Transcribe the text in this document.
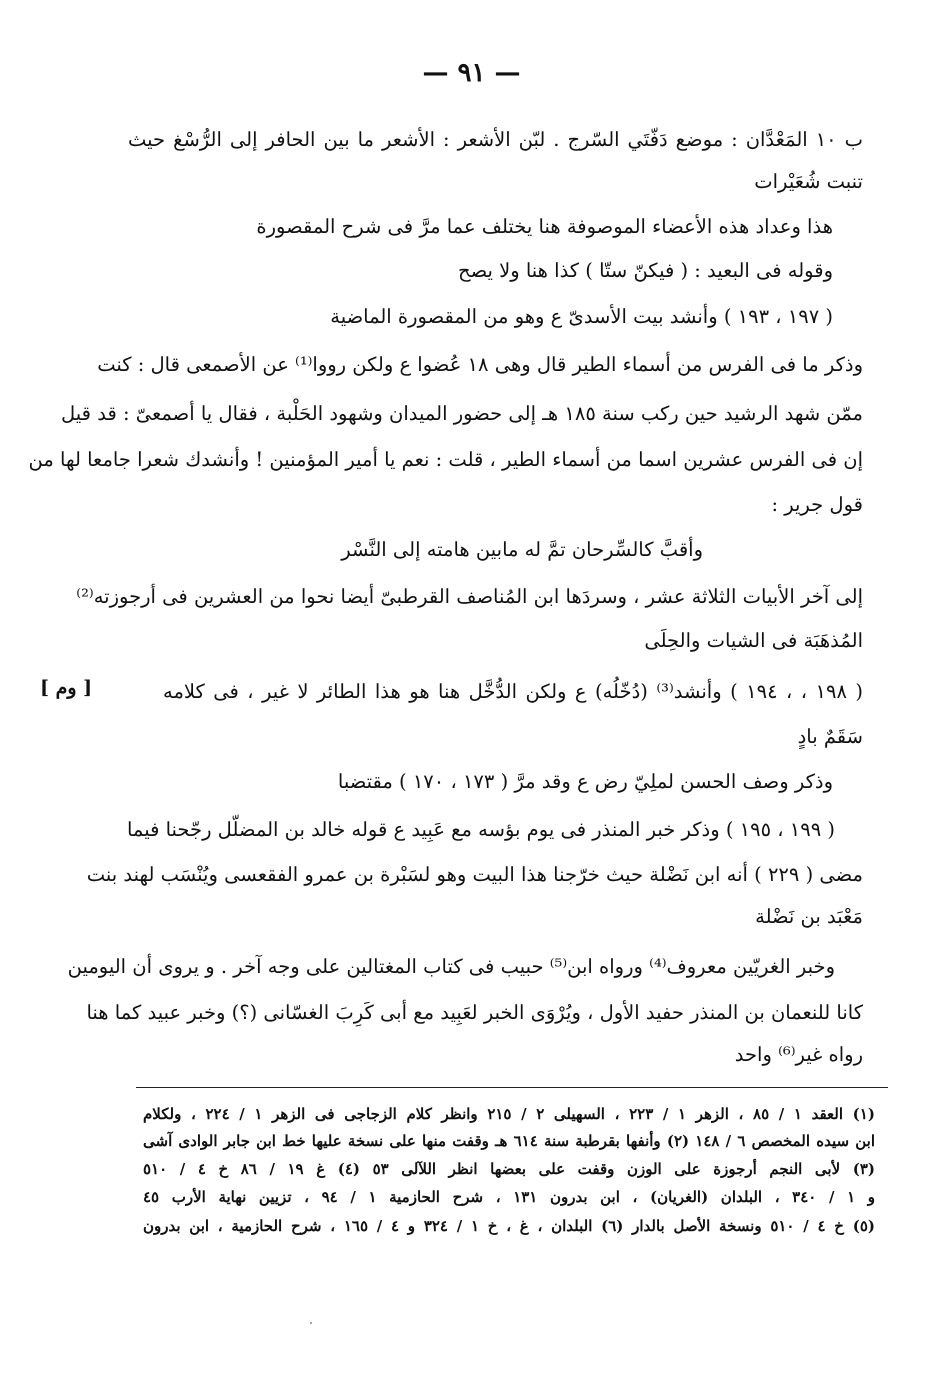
— ٩١ —
[ وم ]
ب ١٠ المَعْدَّان : موضع دَفّتَي السّرج . لبّن الأشعر : الأشعر ما بين الحافر إلى الرُّسْغ حيث
تنبت شُعَيْرات
هذا وعداد هذه الأعضاء الموصوفة هنا يختلف عما مرَّ فى شرح المقصورة
وقوله فى البعيد : ( فيكنّ ستّا ) كذا هنا ولا يصح
( ١٩٧ ، ١٩٣ ) وأنشد بيت الأسدىّ ع وهو من المقصورة الماضية
وذكر ما فى الفرس من أسماء الطير قال وهى ١٨ عُضوا ع ولكن رووا⁽¹⁾ عن الأصمعى قال : كنت
ممّن شهد الرشيد حين ركب سنة ١٨٥ هـ إلى حضور الميدان وشهود الحَلْبة ، فقال يا أصمعىّ : قد قيل
إن فى الفرس عشرين اسما من أسماء الطير ، قلت : نعم يا أمير المؤمنين ! وأنشدك شعرا جامعا لها من
قول جرير :
وأقبَّ كالسِّرحان تمَّ له مابين هامته إلى النَّسْر
إلى آخر الأبيات الثلاثة عشر ، وسردَها ابن المُناصف القرطبىّ أيضا نحوا من العشرين فى أرجوزته⁽²⁾
المُذهَبَة فى الشيات والحِلَى
( ١٩٨ ، ، ١٩٤ ) وأنشد⁽³⁾ (دُخّلُه) ع ولكن الدُّخَّل هنا هو هذا الطائر لا غير ، فى كلامه
سَقَمٌ بادٍ
وذكر وصف الحسن لملِيّ رض ع وقد مرَّ ( ١٧٣ ، ١٧٠ ) مقتضبا
( ١٩٩ ، ١٩٥ ) وذكر خبر المنذر فى يوم بؤسه مع عَبِيد ع قوله خالد بن المضلّل رجّحنا فيما
مضى ( ٢٢٩ ) أنه ابن نَضْلة حيث خرّجنا هذا البيت وهو لسَبْرة بن عمرو الفقعسى ويُنْسَب لهند بنت
مَعْبَد بن نَضْلة
وخبر الغريّين معروف⁽⁴⁾ ورواه ابن⁽⁵⁾ حبيب فى كتاب المغتالين على وجه آخر . و يروى أن اليومين
كانا للنعمان بن المنذر حفيد الأول ، ويُرْوَى الخبر لعَبِيد مع أبى كَرِبَ الغسّانى (؟) وخبر عبيد كما هنا
رواه غير⁽⁶⁾ واحد
(١) العقد ١ / ٨٥ ، الزهر ١ / ٢٢٣ ، السهيلى ٢ / ٢١٥ وانظر كلام الزجاجى فى الزهر ١ / ٢٢٤ ، ولكلام
ابن سيده المخصص ٦ / ١٤٨ (٢) وأنفها بقرطبة سنة ٦١٤ هـ وقفت منها على نسخة عليها خط ابن جابر الوادى آشى
(٣) لأبى النجم أرجوزة على الوزن وقفت على بعضها انظر اللآلى ٥٣ (٤) غ ١٩ / ٨٦ خ ٤ / ٥١٠
و ١ / ٣٤٠ ، البلدان (الغريان) ، ابن بدرون ١٣١ ، شرح الحازمية ١ / ٩٤ ، تزيين نهاية الأرب ٤٥
(٥) خ ٤ / ٥١٠ ونسخة الأصل بالدار (٦) البلدان ، غ ، خ ١ / ٣٢٤ و ٤ / ١٦٥ ، شرح الحازمية ، ابن بدرون
